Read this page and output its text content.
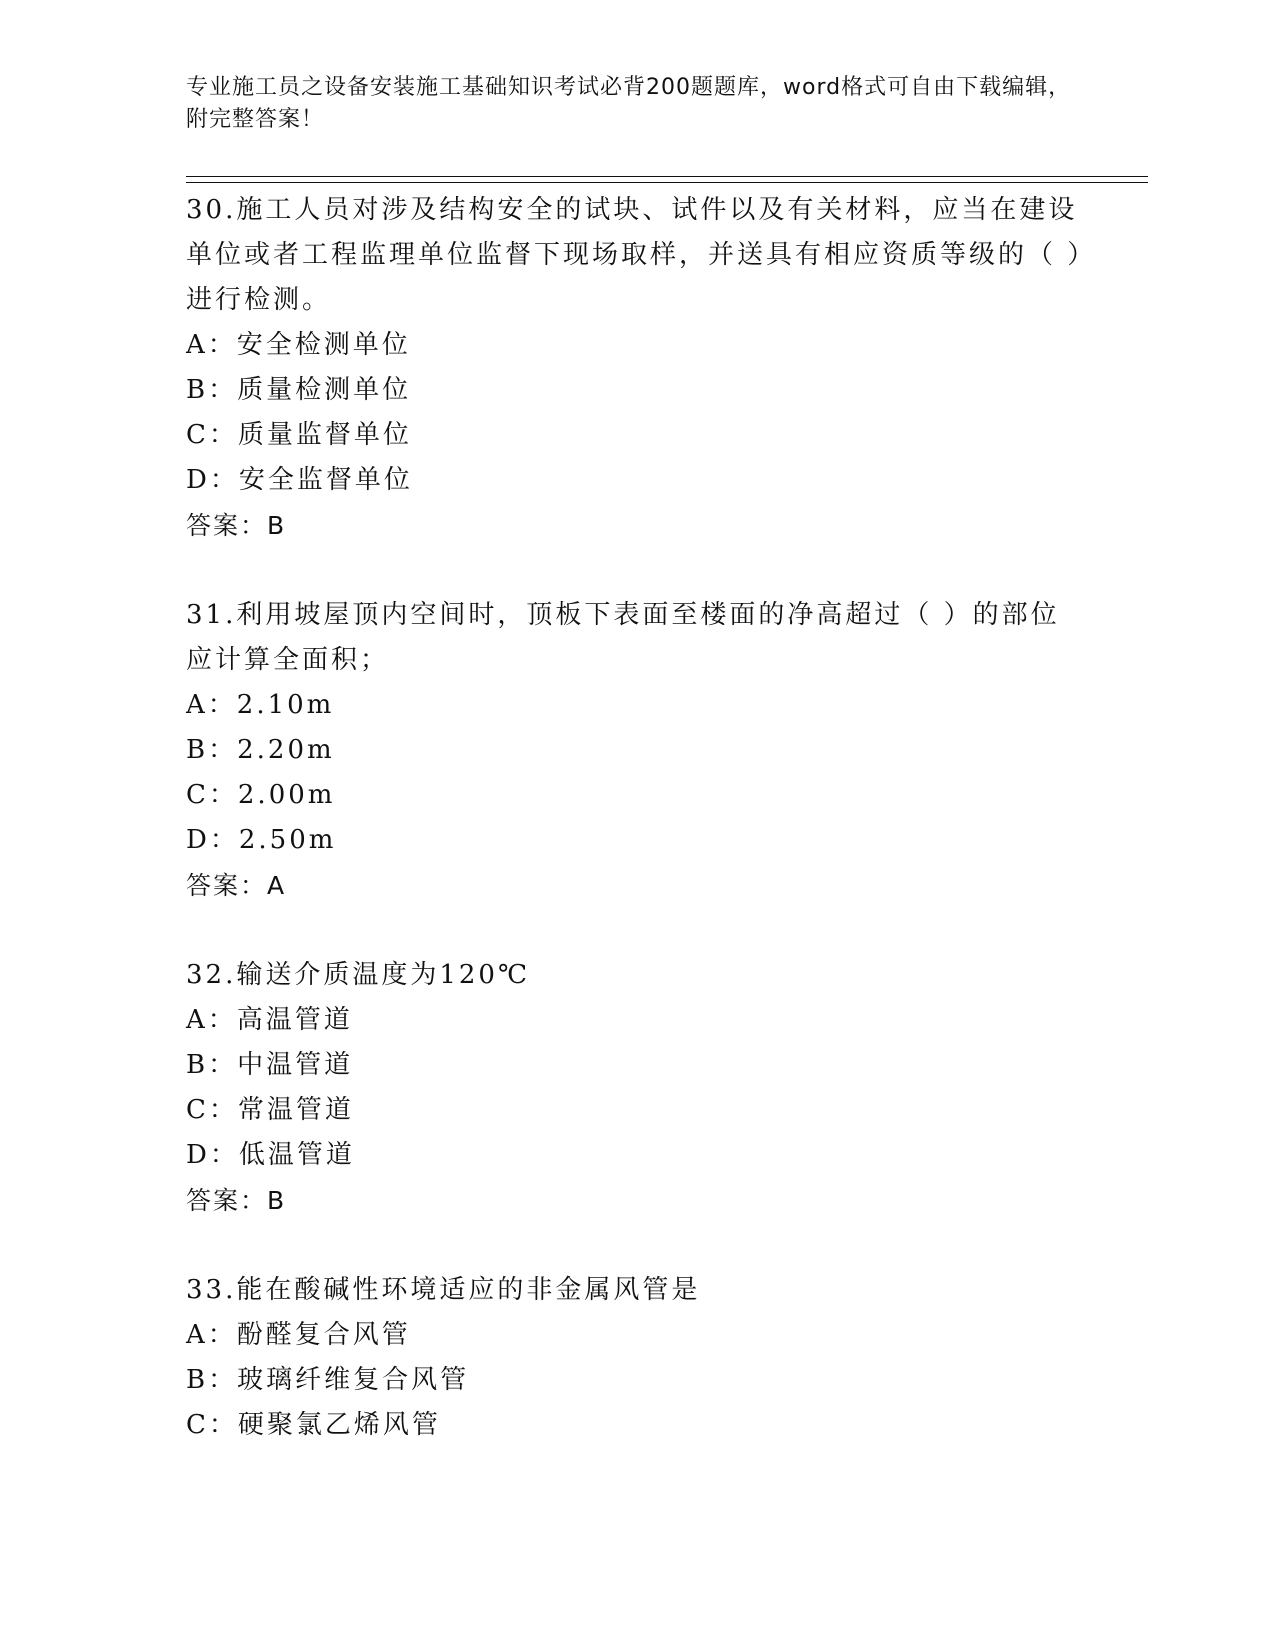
专业施工员之设备安装施工基础知识考试必背200题题库，word格式可自由下载编辑，附完整答案！
30.施工人员对涉及结构安全的试块、试件以及有关材料，应当在建设单位或者工程监理单位监督下现场取样，并送具有相应资质等级的（ ）进行检测。
A：安全检测单位
B：质量检测单位
C：质量监督单位
D：安全监督单位
答案：B
31.利用坡屋顶内空间时，顶板下表面至楼面的净高超过（ ）的部位应计算全面积；
A：2.10m
B：2.20m
C：2.00m
D：2.50m
答案：A
32.输送介质温度为120℃
A：高温管道
B：中温管道
C：常温管道
D：低温管道
答案：B
33.能在酸碱性环境适应的非金属风管是
A：酚醛复合风管
B：玻璃纤维复合风管
C：硬聚氯乙烯风管
